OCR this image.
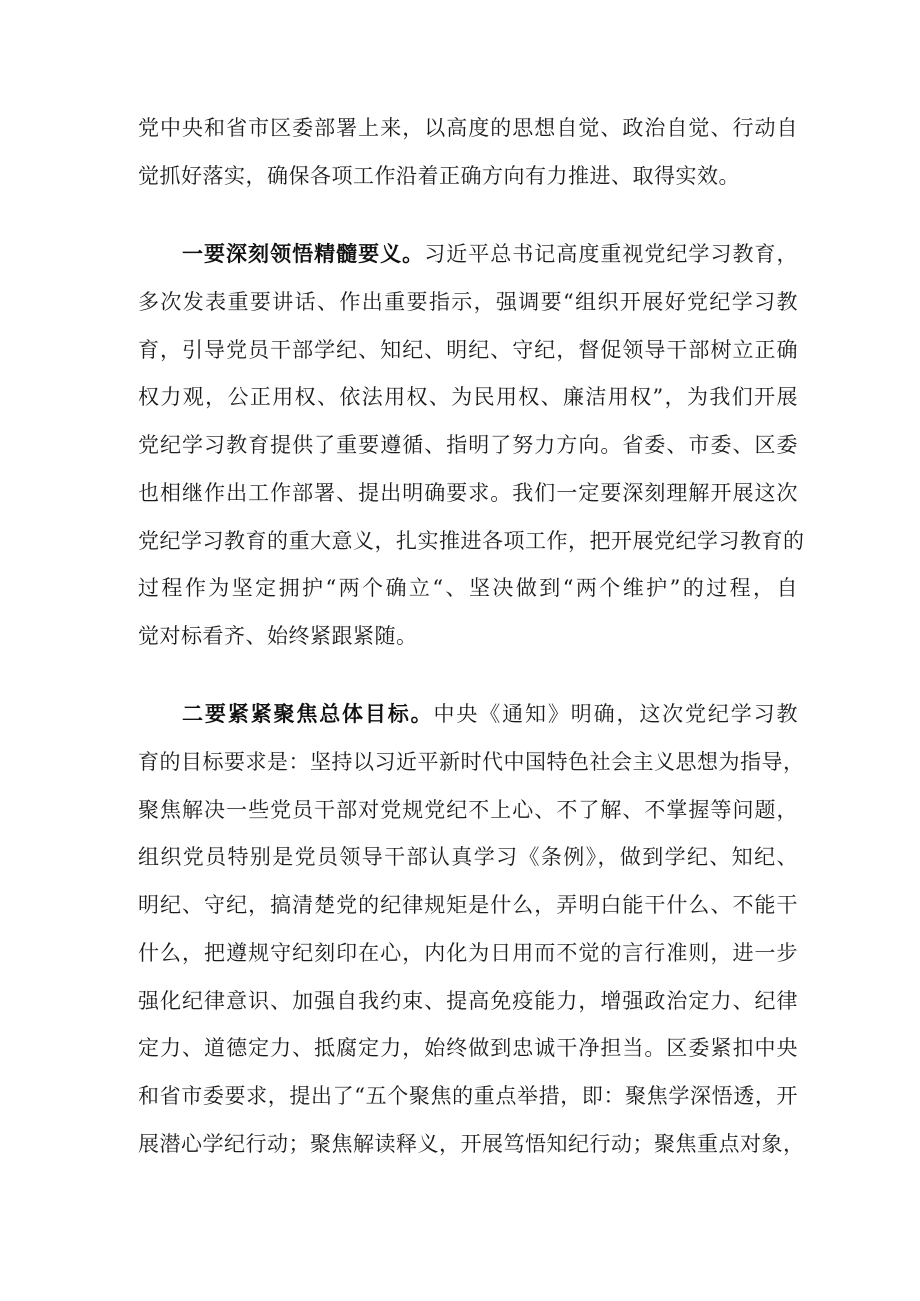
党中央和省市区委部署上来，以高度的思想自觉、政治自觉、行动自
觉抓好落实，确保各项工作沿着正确方向有力推进、取得实效。
一要深刻领悟精髓要义。习近平总书记高度重视党纪学习教育，
多次发表重要讲话、作出重要指示，强调要“组织开展好党纪学习教
育，引导党员干部学纪、知纪、明纪、守纪，督促领导干部树立正确
权力观，公正用权、依法用权、为民用权、廉洁用权”，为我们开展
党纪学习教育提供了重要遵循、指明了努力方向。省委、市委、区委
也相继作出工作部署、提出明确要求。我们一定要深刻理解开展这次
党纪学习教育的重大意义，扎实推进各项工作，把开展党纪学习教育的
过程作为坚定拥护“两个确立“、坚决做到“两个维护”的过程，自
觉对标看齐、始终紧跟紧随。
二要紧紧聚焦总体目标。中央《通知》明确，这次党纪学习教
育的目标要求是：坚持以习近平新时代中国特色社会主义思想为指导，
聚焦解决一些党员干部对党规党纪不上心、不了解、不掌握等问题，
组织党员特别是党员领导干部认真学习《条例》，做到学纪、知纪、
明纪、守纪，搞清楚党的纪律规矩是什么，弄明白能干什么、不能干
什么，把遵规守纪刻印在心，内化为日用而不觉的言行准则，进一步
强化纪律意识、加强自我约束、提高免疫能力，增强政治定力、纪律
定力、道德定力、抵腐定力，始终做到忠诚干净担当。区委紧扣中央
和省市委要求，提出了“五个聚焦的重点举措，即：聚焦学深悟透，开
展潜心学纪行动；聚焦解读释义，开展笃悟知纪行动；聚焦重点对象，
